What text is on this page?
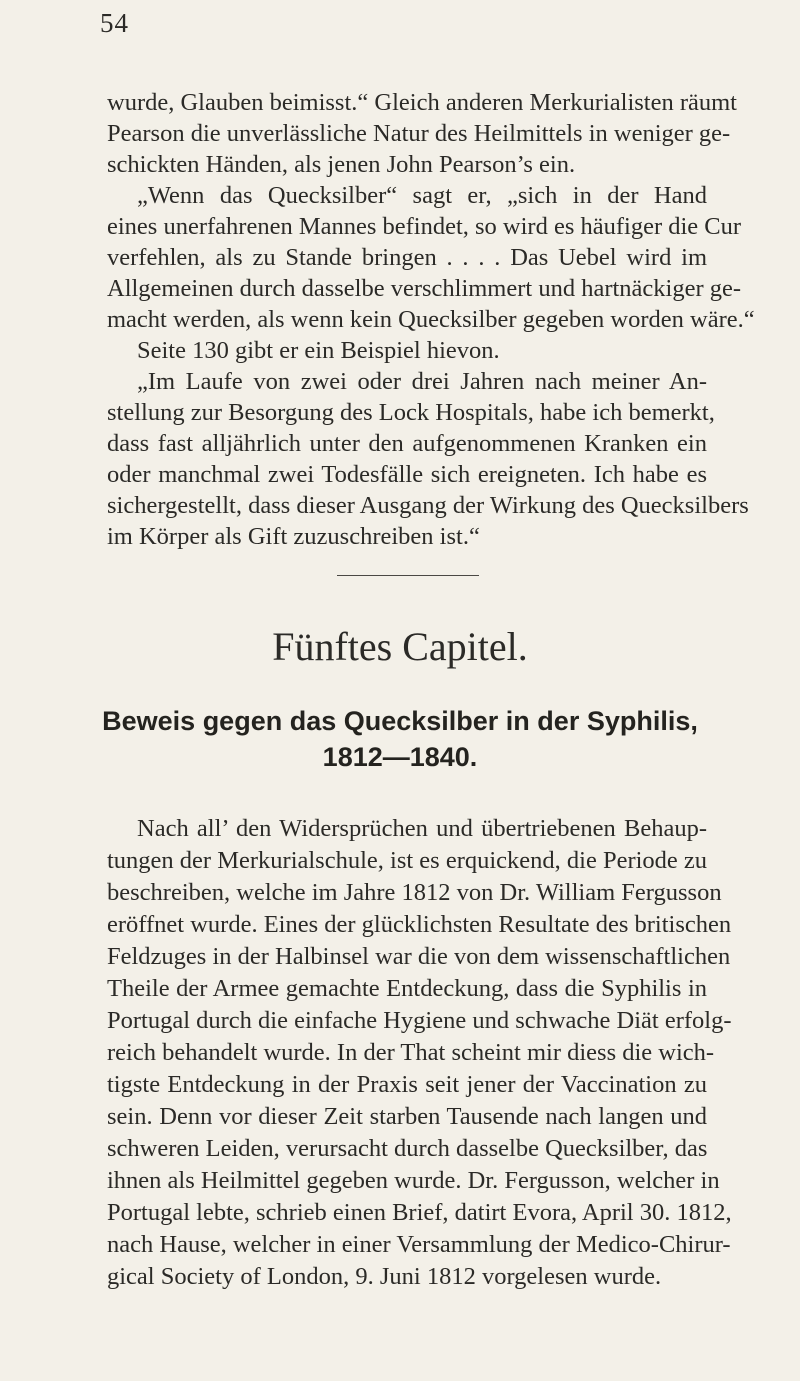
54
wurde, Glauben beimisst.“ Gleich anderen Merkurialisten räumt
Pearson die unverlässliche Natur des Heilmittels in weniger ge-
schickten Händen, als jenen John Pearson’s ein.
„Wenn das Quecksilber“ sagt er, „sich in der Hand
eines unerfahrenen Mannes befindet, so wird es häufiger die Cur
verfehlen, als zu Stande bringen . . . . Das Uebel wird im
Allgemeinen durch dasselbe verschlimmert und hartnäckiger ge-
macht werden, als wenn kein Quecksilber gegeben worden wäre.“
Seite 130 gibt er ein Beispiel hievon.
„Im Laufe von zwei oder drei Jahren nach meiner An-
stellung zur Besorgung des Lock Hospitals, habe ich bemerkt,
dass fast alljährlich unter den aufgenommenen Kranken ein
oder manchmal zwei Todesfälle sich ereigneten. Ich habe es
sichergestellt, dass dieser Ausgang der Wirkung des Quecksilbers
im Körper als Gift zuzuschreiben ist.“
Fünftes Capitel.
Beweis gegen das Quecksilber in der Syphilis,
1812—1840.
Nach all’ den Widersprüchen und übertriebenen Behaup-
tungen der Merkurialschule, ist es erquickend, die Periode zu
beschreiben, welche im Jahre 1812 von Dr. William Fergusson
eröffnet wurde. Eines der glücklichsten Resultate des britischen
Feldzuges in der Halbinsel war die von dem wissenschaftlichen
Theile der Armee gemachte Entdeckung, dass die Syphilis in
Portugal durch die einfache Hygiene und schwache Diät erfolg-
reich behandelt wurde. In der That scheint mir diess die wich-
tigste Entdeckung in der Praxis seit jener der Vaccination zu
sein. Denn vor dieser Zeit starben Tausende nach langen und
schweren Leiden, verursacht durch dasselbe Quecksilber, das
ihnen als Heilmittel gegeben wurde. Dr. Fergusson, welcher in
Portugal lebte, schrieb einen Brief, datirt Evora, April 30. 1812,
nach Hause, welcher in einer Versammlung der Medico-Chirur-
gical Society of London, 9. Juni 1812 vorgelesen wurde.
